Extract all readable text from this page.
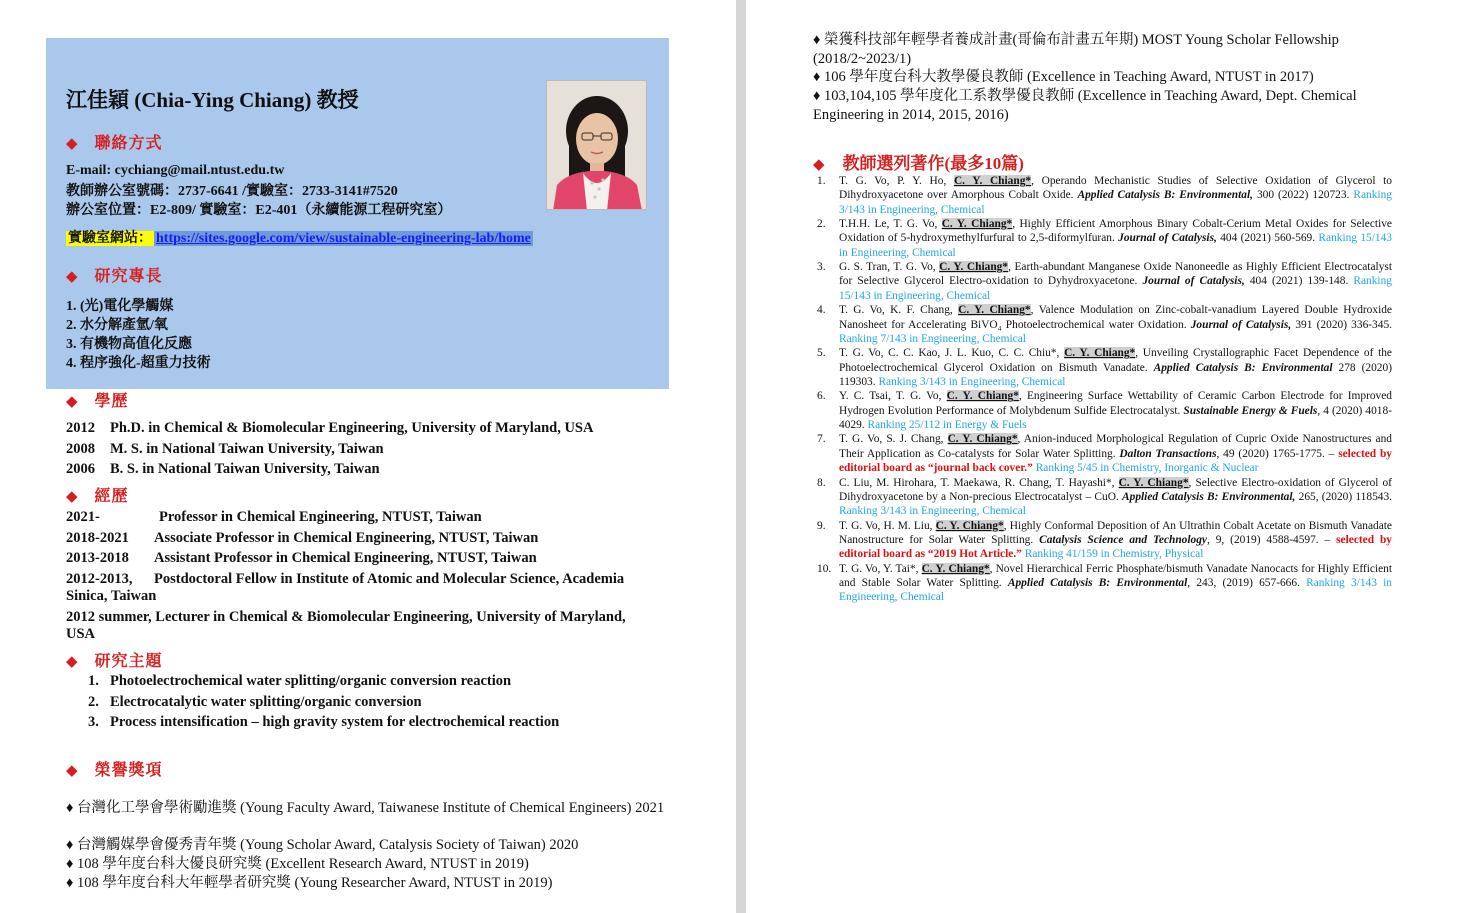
江佳穎 (Chia-Ying Chiang) 教授
◆ 聯絡方式
E-mail: cychiang@mail.ntust.edu.tw
教師辦公室號碼：2737-6641 /實驗室：2733-3141#7520
辦公室位置：E2-809/ 實驗室：E2-401（永續能源工程研究室）
實驗室網站： https://sites.google.com/view/sustainable-engineering-lab/home
◆ 研究專長
1. (光)電化學觸媒
2. 水分解產氫/氧
3. 有機物高值化反應
4. 程序強化-超重力技術
◆ 學歷
2012 Ph.D. in Chemical & Biomolecular Engineering, University of Maryland, USA
2008 M. S. in National Taiwan University, Taiwan
2006 B. S. in National Taiwan University, Taiwan
◆ 經歷
2021-	Professor in Chemical Engineering, NTUST, Taiwan
2018-2021 Associate Professor in Chemical Engineering, NTUST, Taiwan
2013-2018 Assistant Professor in Chemical Engineering, NTUST, Taiwan
2012-2013, Postdoctoral Fellow in Institute of Atomic and Molecular Science, Academia Sinica, Taiwan
2012 summer, Lecturer in Chemical & Biomolecular Engineering, University of Maryland, USA
◆ 研究主題
1. Photoelectrochemical water splitting/organic conversion reaction
2. Electrocatalytic water splitting/organic conversion
3. Process intensification – high gravity system for electrochemical reaction
◆ 榮譽獎項
♦ 台灣化工學會學術勵進獎 (Young Faculty Award, Taiwanese Institute of Chemical Engineers) 2021
♦ 台灣觸媒學會優秀青年獎 (Young Scholar Award, Catalysis Society of Taiwan) 2020
♦ 108 學年度台科大優良研究獎 (Excellent Research Award, NTUST in 2019)
♦ 108 學年度台科大年輕學者研究獎 (Young Researcher Award, NTUST in 2019)
♦ 榮獲科技部年輕學者養成計畫(哥倫布計畫五年期) MOST Young Scholar Fellowship (2018/2~2023/1)
♦ 106 學年度台科大教學優良教師 (Excellence in Teaching Award, NTUST in 2017)
♦ 103,104,105 學年度化工系教學優良教師 (Excellence in Teaching Award, Dept. Chemical Engineering in 2014, 2015, 2016)
◆ 教師選列著作(最多10篇)
1. T. G. Vo, P. Y. Ho, C. Y. Chiang*, Operando Mechanistic Studies of Selective Oxidation of Glycerol to Dihydroxyacetone over Amorphous Cobalt Oxide. Applied Catalysis B: Environmental, 300 (2022) 120723. Ranking 3/143 in Engineering, Chemical
2. T.H.H. Le, T. G. Vo, C. Y. Chiang*, Highly Efficient Amorphous Binary Cobalt-Cerium Metal Oxides for Selective Oxidation of 5-hydroxymethylfurfural to 2,5-diformylfuran. Journal of Catalysis, 404 (2021) 560-569. Ranking 15/143 in Engineering, Chemical
3. G. S. Tran, T. G. Vo, C. Y. Chiang*, Earth-abundant Manganese Oxide Nanoneedle as Highly Efficient Electrocatalyst for Selective Glycerol Electro-oxidation to Dyhydroxyacetone. Journal of Catalysis, 404 (2021) 139-148. Ranking 15/143 in Engineering, Chemical
4. T. G. Vo, K. F. Chang, C. Y. Chiang*, Valence Modulation on Zinc-cobalt-vanadium Layered Double Hydroxide Nanosheet for Accelerating BiVO₄ Photoelectrochemical water Oxidation. Journal of Catalysis, 391 (2020) 336-345. Ranking 7/143 in Engineering, Chemical
5. T. G. Vo, C. C. Kao, J. L. Kuo, C. C. Chiu*, C. Y. Chiang*, Unveiling Crystallographic Facet Dependence of the Photoelectrochemical Glycerol Oxidation on Bismuth Vanadate. Applied Catalysis B: Environmental 278 (2020) 119303. Ranking 3/143 in Engineering, Chemical
6. Y. C. Tsai, T. G. Vo, C. Y. Chiang*, Engineering Surface Wettability of Ceramic Carbon Electrode for Improved Hydrogen Evolution Performance of Molybdenum Sulfide Electrocatalyst. Sustainable Energy & Fuels, 4 (2020) 4018-4029. Ranking 25/112 in Energy & Fuels
7. T. G. Vo, S. J. Chang, C. Y. Chiang*, Anion-induced Morphological Regulation of Cupric Oxide Nanostructures and Their Application as Co-catalysts for Solar Water Splitting. Dalton Transactions, 49 (2020) 1765-1775. – selected by editorial board as “journal back cover.” Ranking 5/45 in Chemistry, Inorganic & Nuclear
8. C. Liu, M. Hirohara, T. Maekawa, R. Chang, T. Hayashi*, C. Y. Chiang*, Selective Electro-oxidation of Glycerol of Dihydroxyacetone by a Non-precious Electrocatalyst – CuO. Applied Catalysis B: Environmental, 265, (2020) 118543. Ranking 3/143 in Engineering, Chemical
9. T. G. Vo, H. M. Liu, C. Y. Chiang*, Highly Conformal Deposition of An Ultrathin Cobalt Acetate on Bismuth Vanadate Nanostructure for Solar Water Splitting. Catalysis Science and Technology, 9, (2019) 4588-4597. – selected by editorial board as “2019 Hot Article.” Ranking 41/159 in Chemistry, Physical
10. T. G. Vo, Y. Tai*, C. Y. Chiang*, Novel Hierarchical Ferric Phosphate/bismuth Vanadate Nanocacts for Highly Efficient and Stable Solar Water Splitting. Applied Catalysis B: Environmental, 243, (2019) 657-666. Ranking 3/143 in Engineering, Chemical
